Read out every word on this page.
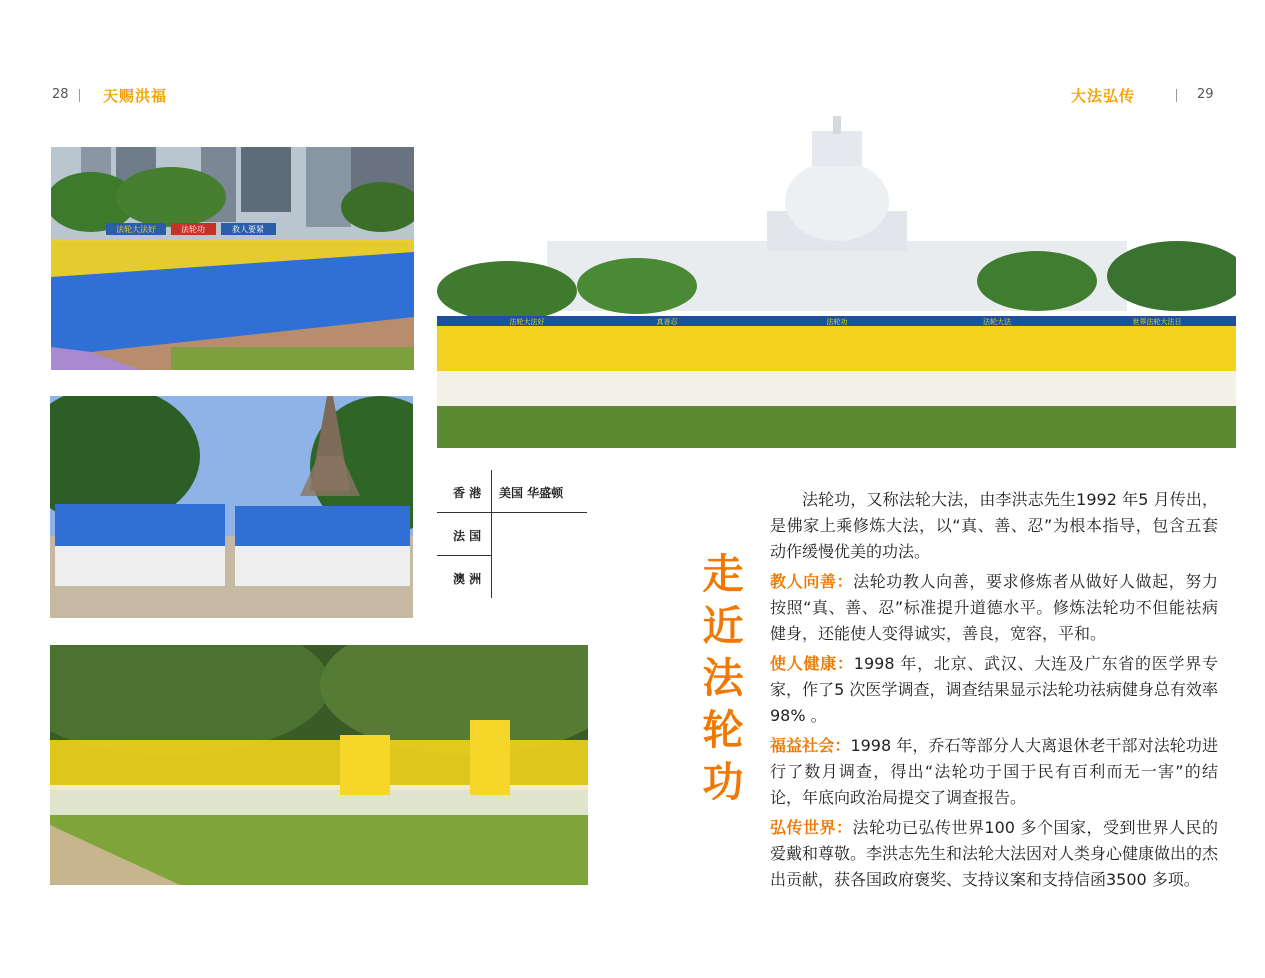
28 天赐洪福	大法弘传	29
法轮大法好	法轮功	救人要紧
法轮大法好	真善忍	法轮功	法轮大法	世界法轮大法日
香 港 美国 华盛顿
法 国
澳 洲	走
近
法
轮
功

法轮功，又称法轮大法，由李洪志先生1992 年5 月传出，是佛家上乘修炼大法，以“真、善、忍”为根本指导，包含五套动作缓慢优美的功法。

教人向善：法轮功教人向善，要求修炼者从做好人做起，努力按照“真、善、忍”标准提升道德水平。修炼法轮功不但能祛病健身，还能使人变得诚实，善良，宽容，平和。

使人健康：1998 年，北京、武汉、大连及广东省的医学界专家，作了5 次医学调查，调查结果显示法轮功祛病健身总有效率98% 。

福益社会：1998 年，乔石等部分人大离退休老干部对法轮功进行了数月调查，得出“法轮功于国于民有百利而无一害”的结论，年底向政治局提交了调查报告。

弘传世界：法轮功已弘传世界100 多个国家，受到世界人民的爱戴和尊敬。李洪志先生和法轮大法因对人类身心健康做出的杰出贡献，获各国政府褒奖、支持议案和支持信函3500 多项。
